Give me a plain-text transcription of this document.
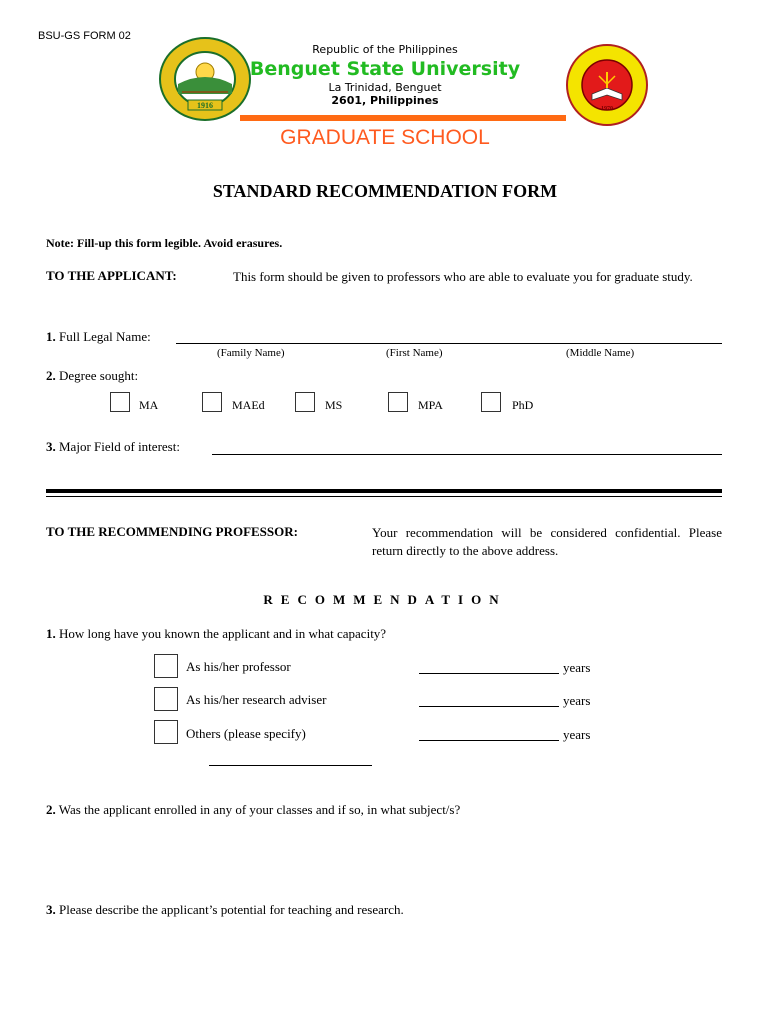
BSU-GS FORM 02
1916	1970
Republic of the Philippines
Benguet State University
La Trinidad, Benguet
2601, Philippines
GRADUATE SCHOOL
STANDARD RECOMMENDATION FORM
Note: Fill-up this form legible. Avoid erasures.
TO THE APPLICANT:	This form should be given to professors who are able to evaluate you for graduate study.
1. Full Legal Name:
(Family Name)	(First Name)	(Middle Name)
2. Degree sought:
MA	MAEd	MS	MPA	PhD
3. Major Field of interest:
TO THE RECOMMENDING PROFESSOR:	Your recommendation will be considered confidential. Please return directly to the above address.
RECOMMENDATION
1. How long have you known the applicant and in what capacity?
As his/her professor	years
As his/her research adviser	years
Others (please specify)	years
2. Was the applicant enrolled in any of your classes and if so, in what subject/s?
3. Please describe the applicant’s potential for teaching and research.
